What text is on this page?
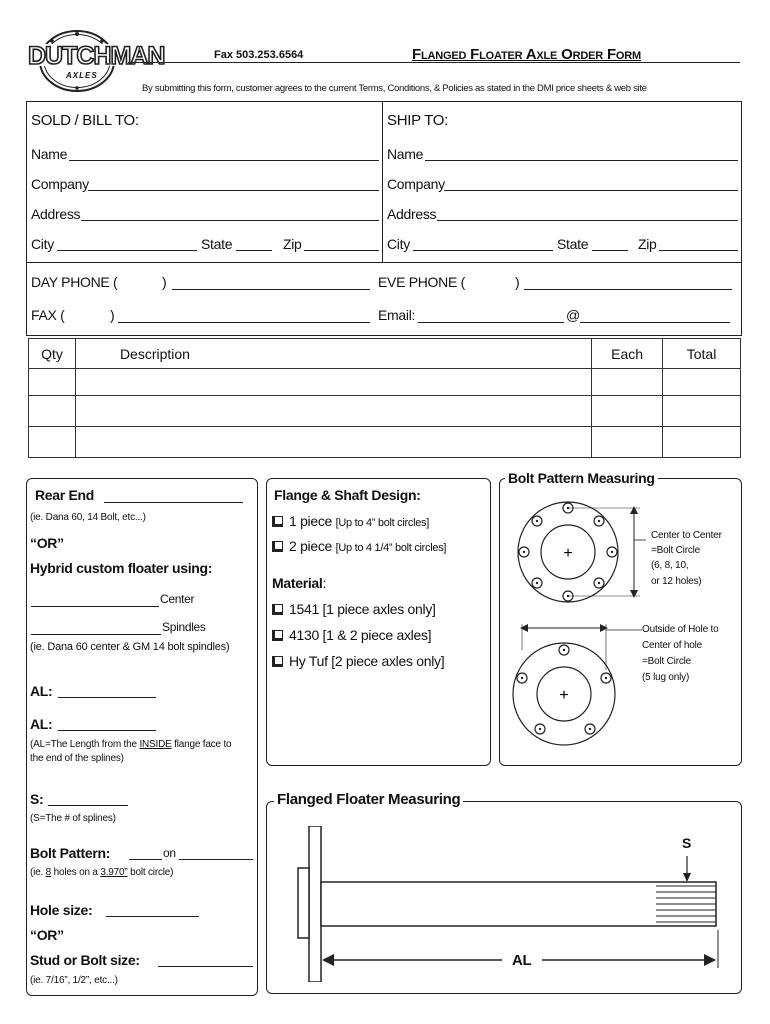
DUTCHMAN
AXLES
Fax 503.253.6564	Flanged Floater Axle Order Form
By submitting this form, customer agrees to the current Terms, Conditions, & Policies as stated in the DMI price sheets & web site
SOLD / BILL TO:
Name
Company
Address
City	State	Zip
SHIP TO:
Name
Company
Address
City	State	Zip
DAY PHONE (	)	EVE PHONE (	)
FAX (	)	Email:	@
Qty	Description	Each	Total

Rear End
(ie. Dana 60, 14 Bolt, etc...)
“OR”
Hybrid custom floater using:
Center
Spindles
(ie. Dana 60 center & GM 14 bolt spindles)
AL:
AL:
(AL=The Length from the INSIDE flange face to
the end of the splines)
S:
(S=The # of splines)
Bolt Pattern:	on
(ie. 8 holes on a 3.970” bolt circle)
Hole size:
“OR”
Stud or Bolt size:
(ie. 7/16”, 1/2”, etc...)
Flange & Shaft Design:
1 piece [Up to 4” bolt circles]
2 piece [Up to 4 1/4” bolt circles]
Material:
1541 [1 piece axles only]
4130 [1 & 2 piece axles]
Hy Tuf [2 piece axles only]
Bolt Pattern Measuring
+
Center to Center
=Bolt Circle
(6, 8, 10,
or 12 holes)
+
Outside of Hole to
Center of hole
=Bolt Circle
(5 lug only)
Flanged Floater Measuring
S
AL
